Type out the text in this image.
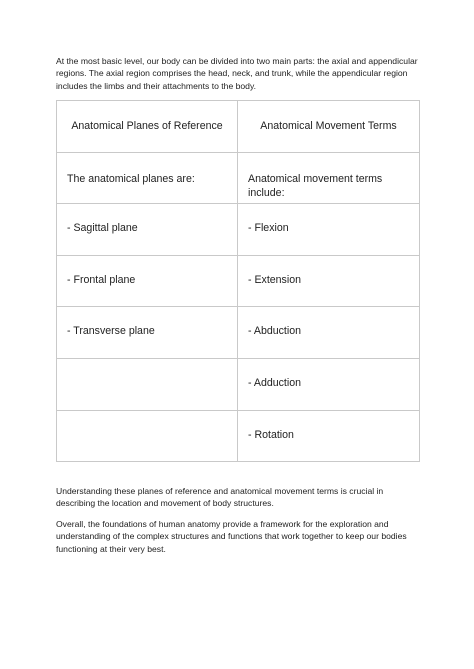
At the most basic level, our body can be divided into two main parts: the axial and appendicular regions. The axial region comprises the head, neck, and trunk, while the appendicular region includes the limbs and their attachments to the body.

Anatomical Planes of Reference	Anatomical Movement Terms
The anatomical planes are:	Anatomical movement terms include:
- Sagittal plane	- Flexion
- Frontal plane	- Extension
- Transverse plane	- Abduction
	- Adduction
	- Rotation

Understanding these planes of reference and anatomical movement terms is crucial in describing the location and movement of body structures.

Overall, the foundations of human anatomy provide a framework for the exploration and understanding of the complex structures and functions that work together to keep our bodies functioning at their very best.
